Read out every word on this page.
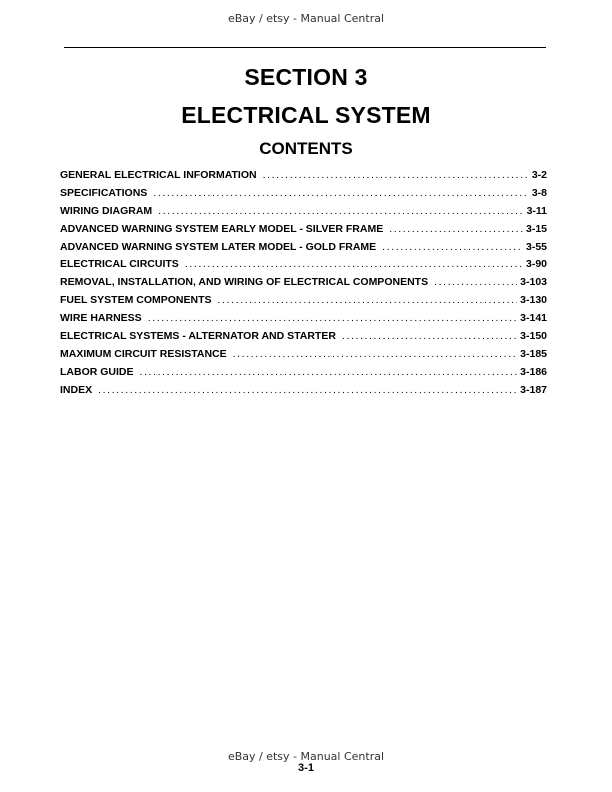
eBay / etsy - Manual Central
SECTION 3
ELECTRICAL SYSTEM
CONTENTS
GENERAL ELECTRICAL INFORMATION .....	3-2
SPECIFICATIONS .....	3-8
WIRING DIAGRAM .....	3-11
ADVANCED WARNING SYSTEM EARLY MODEL - SILVER FRAME .....	3-15
ADVANCED WARNING SYSTEM LATER MODEL - GOLD FRAME .....	3-55
ELECTRICAL CIRCUITS .....	3-90
REMOVAL, INSTALLATION, AND WIRING OF ELECTRICAL COMPONENTS .....	3-103
FUEL SYSTEM COMPONENTS .....	3-130
WIRE HARNESS .....	3-141
ELECTRICAL SYSTEMS - ALTERNATOR AND STARTER .....	3-150
MAXIMUM CIRCUIT RESISTANCE .....	3-185
LABOR GUIDE .....	3-186
INDEX .....	3-187
eBay / etsy - Manual Central
3-1
